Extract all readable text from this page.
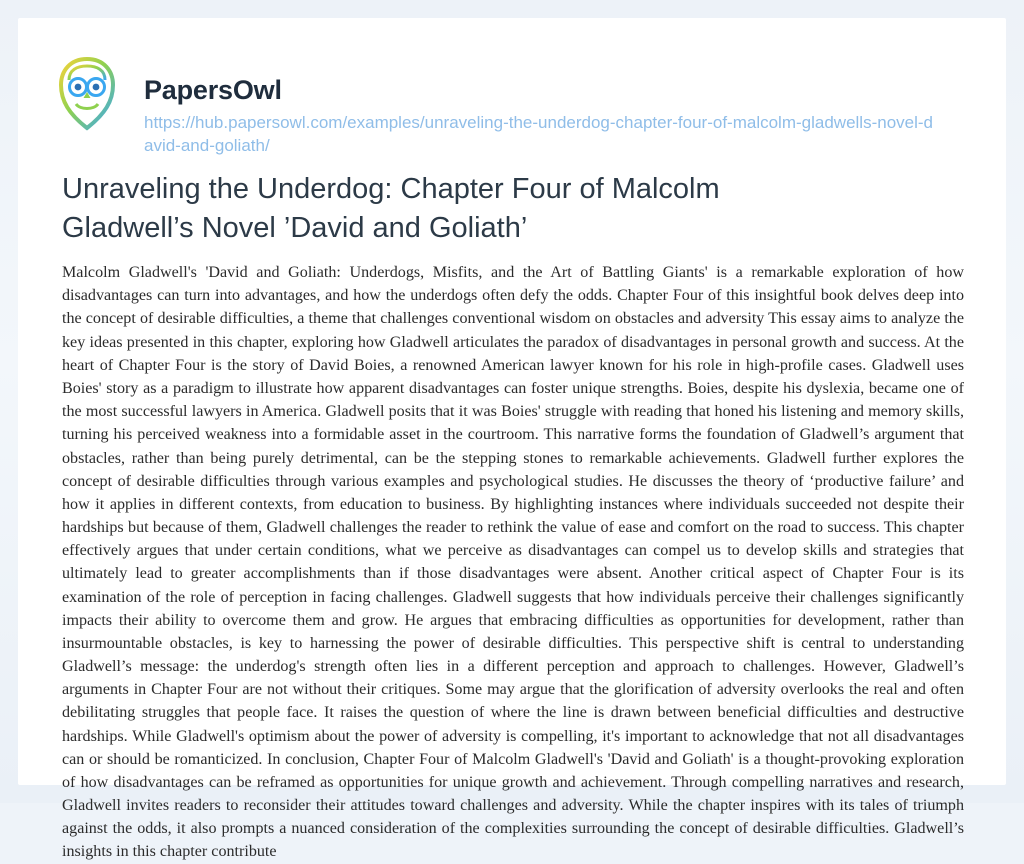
PapersOwl
https://hub.papersowl.com/examples/unraveling-the-underdog-chapter-four-of-malcolm-gladwells-novel-david-and-goliath/
Unraveling the Underdog: Chapter Four of Malcolm Gladwell’s Novel ’David and Goliath’

Malcolm Gladwell's 'David and Goliath: Underdogs, Misfits, and the Art of Battling Giants' is a remarkable exploration of how disadvantages can turn into advantages, and how the underdogs often defy the odds. Chapter Four of this insightful book delves deep into the concept of desirable difficulties, a theme that challenges conventional wisdom on obstacles and adversity This essay aims to analyze the key ideas presented in this chapter, exploring how Gladwell articulates the paradox of disadvantages in personal growth and success. At the heart of Chapter Four is the story of David Boies, a renowned American lawyer known for his role in high-profile cases. Gladwell uses Boies' story as a paradigm to illustrate how apparent disadvantages can foster unique strengths. Boies, despite his dyslexia, became one of the most successful lawyers in America. Gladwell posits that it was Boies' struggle with reading that honed his listening and memory skills, turning his perceived weakness into a formidable asset in the courtroom. This narrative forms the foundation of Gladwell’s argument that obstacles, rather than being purely detrimental, can be the stepping stones to remarkable achievements. Gladwell further explores the concept of desirable difficulties through various examples and psychological studies. He discusses the theory of ‘productive failure’ and how it applies in different contexts, from education to business. By highlighting instances where individuals succeeded not despite their hardships but because of them, Gladwell challenges the reader to rethink the value of ease and comfort on the road to success. This chapter effectively argues that under certain conditions, what we perceive as disadvantages can compel us to develop skills and strategies that ultimately lead to greater accomplishments than if those disadvantages were absent. Another critical aspect of Chapter Four is its examination of the role of perception in facing challenges. Gladwell suggests that how individuals perceive their challenges significantly impacts their ability to overcome them and grow. He argues that embracing difficulties as opportunities for development, rather than insurmountable obstacles, is key to harnessing the power of desirable difficulties. This perspective shift is central to understanding Gladwell’s message: the underdog's strength often lies in a different perception and approach to challenges. However, Gladwell’s arguments in Chapter Four are not without their critiques. Some may argue that the glorification of adversity overlooks the real and often debilitating struggles that people face. It raises the question of where the line is drawn between beneficial difficulties and destructive hardships. While Gladwell's optimism about the power of adversity is compelling, it's important to acknowledge that not all disadvantages can or should be romanticized. In conclusion, Chapter Four of Malcolm Gladwell's 'David and Goliath' is a thought-provoking exploration of how disadvantages can be reframed as opportunities for unique growth and achievement. Through compelling narratives and research, Gladwell invites readers to reconsider their attitudes toward challenges and adversity. While the chapter inspires with its tales of triumph against the odds, it also prompts a nuanced consideration of the complexities surrounding the concept of desirable difficulties. Gladwell’s insights in this chapter contribute
